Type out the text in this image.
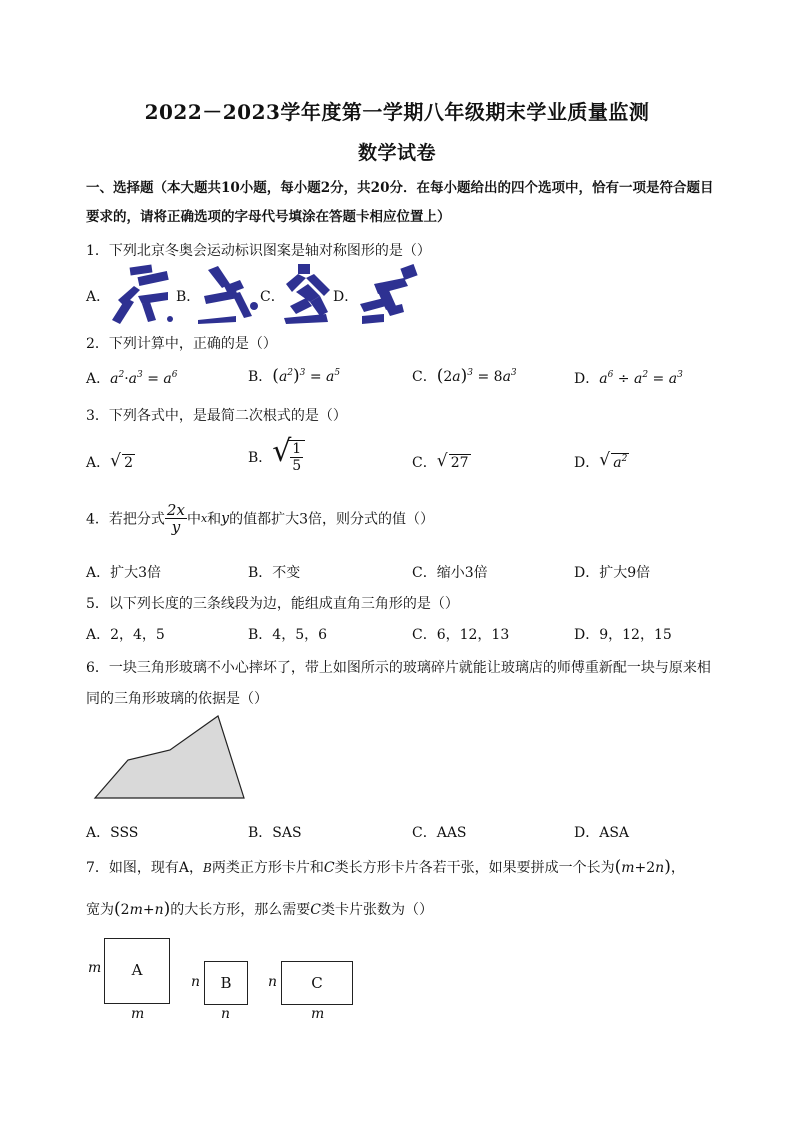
2022－2023学年度第一学期八年级期末学业质量监测
数学试卷
一、选择题（本大题共10小题，每小题2分，共20分．在每小题给出的四个选项中，恰有一项是符合题目要求的，请将正确选项的字母代号填涂在答题卡相应位置上）
1．下列北京冬奥会运动标识图案是轴对称图形的是（）
A．	B．	C．	D．
2．下列计算中，正确的是（）
A．$a^2\cdot a^3 = a^6$	B．$(a^2)^3 = a^5$	C．$(2a)^3 = 8a^3$	D．$a^6 \div a^2 = a^3$
3．下列各式中，是最简二次根式的是（）
A． √ 2	B． √
$\frac{1}{5}$	C． √ 27	D． √ $a^2$
4．若把分式 $\frac{2x}{y}$ 中x和y的值都扩大3倍，则分式的值（）
A．扩大3倍	B．不变	C．缩小3倍	D．扩大9倍
5．以下列长度的三条线段为边，能组成直角三角形的是（）
A．2，4，5	B．4，5，6	C．6，12，13	D．9，12，15
6．一块三角形玻璃不小心摔坏了，带上如图所示的玻璃碎片就能让玻璃店的师傅重新配一块与原来相
同的三角形玻璃的依据是（）
A．SSS	B．SAS	C．AAS	D．ASA
7．如图，现有A，B两类正方形卡片和C类长方形卡片各若干张，如果要拼成一个长为(m+2n)，
宽为(2m+n)的大长方形，那么需要C类卡片张数为（）
A
m
m
B
n
n
C
n
m
